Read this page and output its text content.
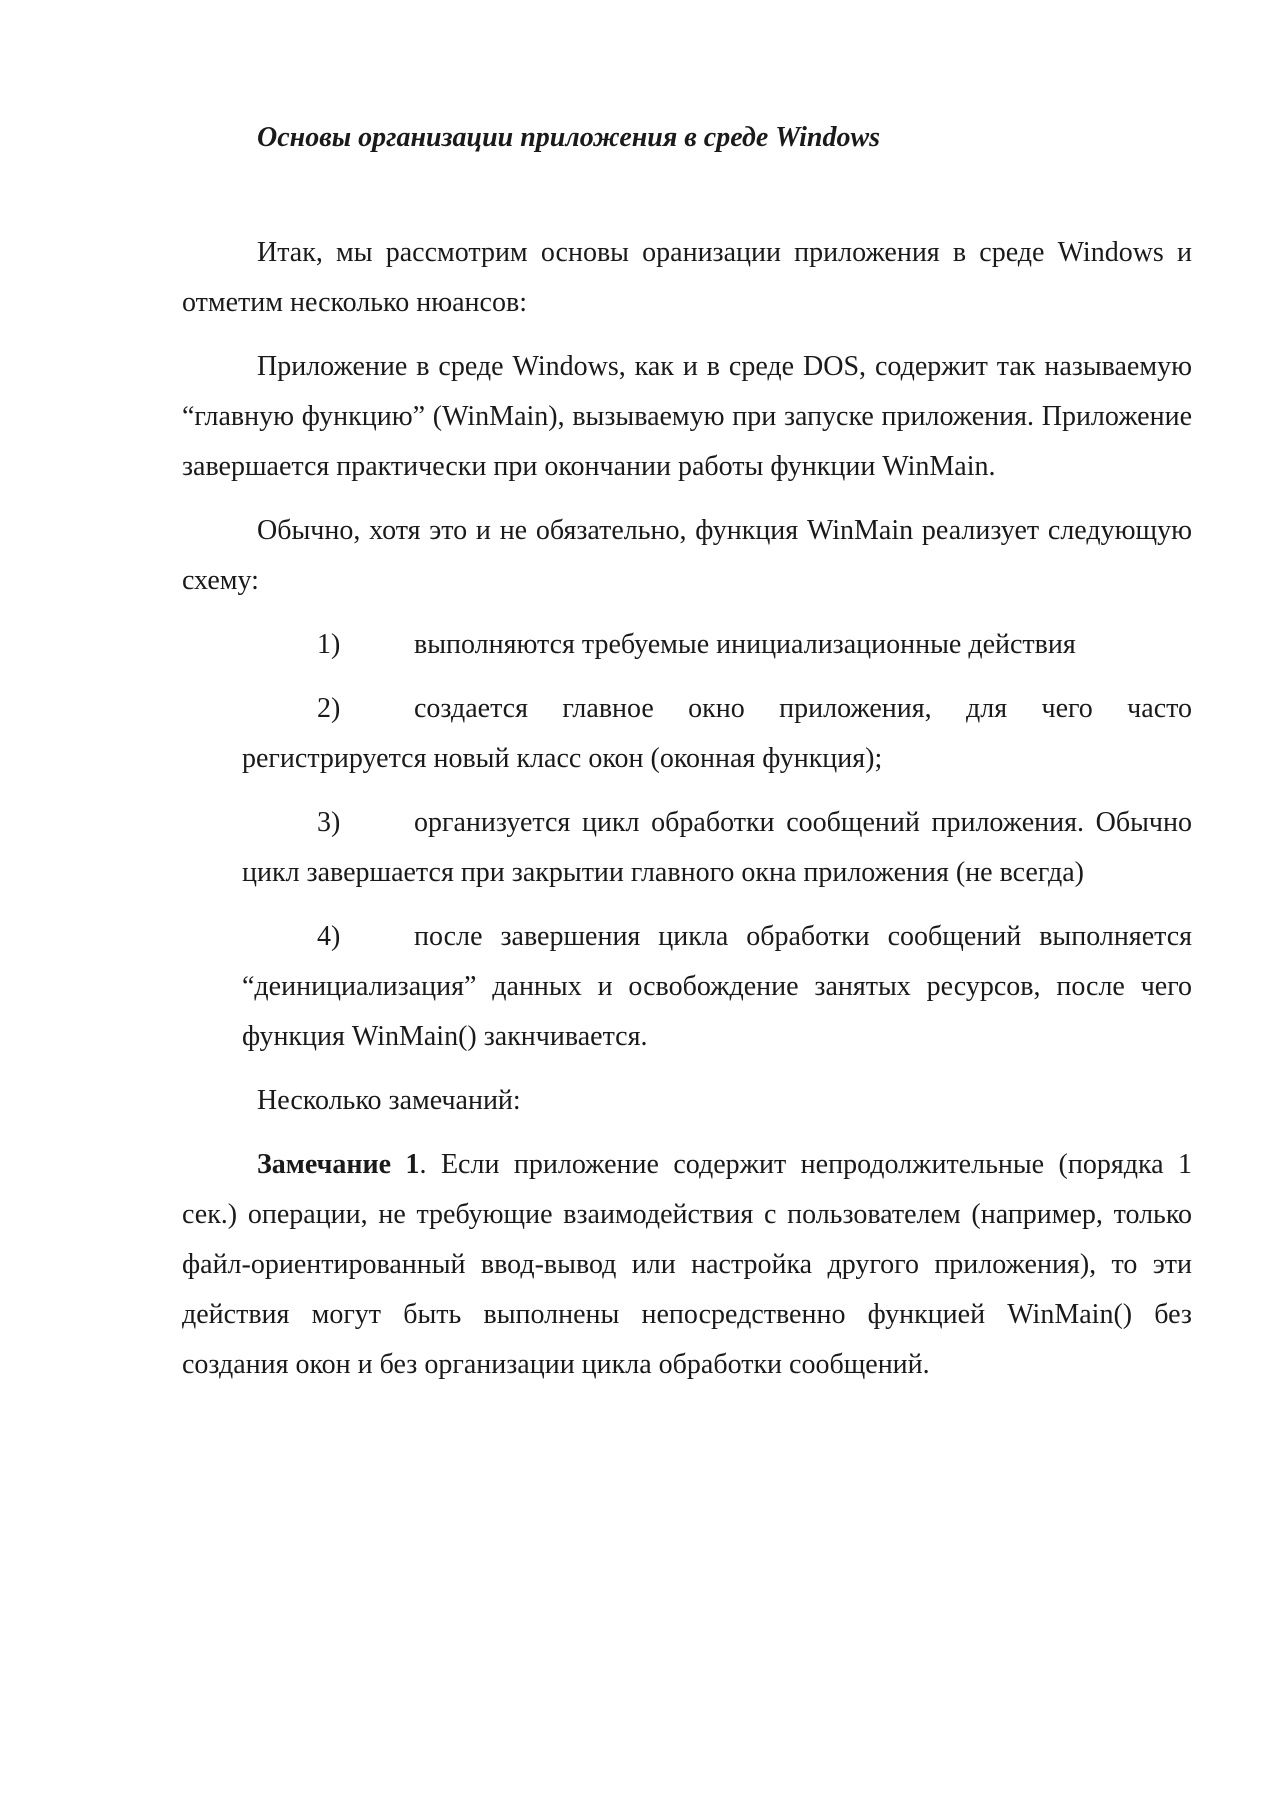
Основы организации приложения в среде Windows

Итак, мы рассмотрим основы оранизации приложения в среде Windows и отметим несколько нюансов:

Приложение в среде Windows, как и в среде DOS, содержит так называемую “главную функцию” (WinMain), вызываемую при запуске приложения. Приложение завершается практически при окончании работы функции WinMain.

Обычно, хотя это и не обязательно, функция WinMain реализует следующую схему:

1)	выполняются требуемые инициализационные действия

2)	создается главное окно приложения, для чего часто регистрируется новый класс окон (оконная функция);

3)	организуется цикл обработки сообщений приложения. Обычно цикл завершается при закрытии главного окна приложения (не всегда)

4)	после завершения цикла обработки сообщений выполняется “деинициализация” данных и освобождение занятых ресурсов, после чего функция WinMain() закнчивается.

Несколько замечаний:

Замечание 1. Если приложение содержит непродолжительные (порядка 1 сек.) операции, не требующие взаимодействия с пользователем (например, только файл-ориентированный ввод-вывод или настройка другого приложения), то эти действия могут быть выполнены непосредственно функцией WinMain() без создания окон и без организации цикла обработки сообщений.
